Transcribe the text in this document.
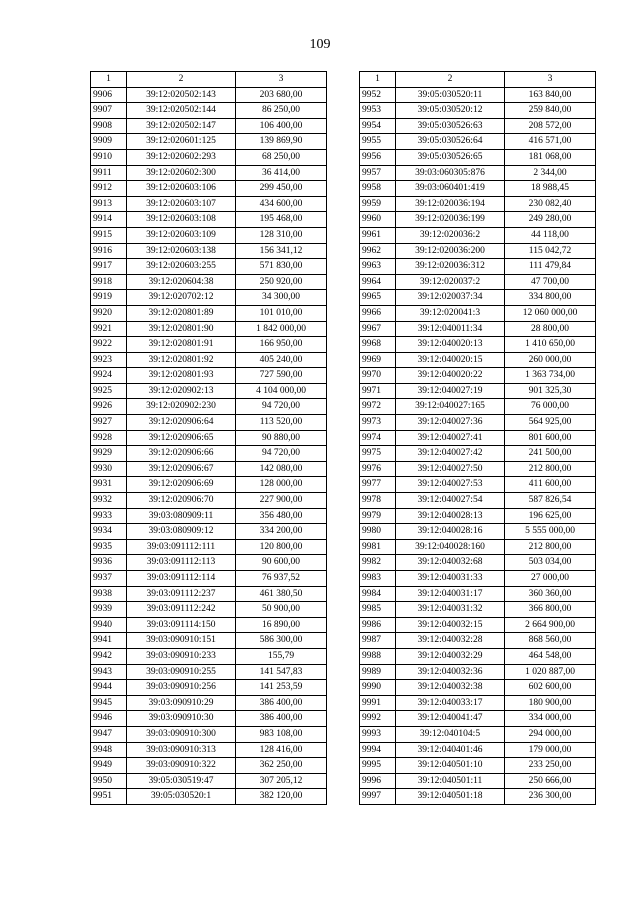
109
1	2	3
9906	39:12:020502:143	203 680,00
9907	39:12:020502:144	86 250,00
9908	39:12:020502:147	106 400,00
9909	39:12:020601:125	139 869,90
9910	39:12:020602:293	68 250,00
9911	39:12:020602:300	36 414,00
9912	39:12:020603:106	299 450,00
9913	39:12:020603:107	434 600,00
9914	39:12:020603:108	195 468,00
9915	39:12:020603:109	128 310,00
9916	39:12:020603:138	156 341,12
9917	39:12:020603:255	571 830,00
9918	39:12:020604:38	250 920,00
9919	39:12:020702:12	34 300,00
9920	39:12:020801:89	101 010,00
9921	39:12:020801:90	1 842 000,00
9922	39:12:020801:91	166 950,00
9923	39:12:020801:92	405 240,00
9924	39:12:020801:93	727 590,00
9925	39:12:020902:13	4 104 000,00
9926	39:12:020902:230	94 720,00
9927	39:12:020906:64	113 520,00
9928	39:12:020906:65	90 880,00
9929	39:12:020906:66	94 720,00
9930	39:12:020906:67	142 080,00
9931	39:12:020906:69	128 000,00
9932	39:12:020906:70	227 900,00
9933	39:03:080909:11	356 480,00
9934	39:03:080909:12	334 200,00
9935	39:03:091112:111	120 800,00
9936	39:03:091112:113	90 600,00
9937	39:03:091112:114	76 937,52
9938	39:03:091112:237	461 380,50
9939	39:03:091112:242	50 900,00
9940	39:03:091114:150	16 890,00
9941	39:03:090910:151	586 300,00
9942	39:03:090910:233	155,79
9943	39:03:090910:255	141 547,83
9944	39:03:090910:256	141 253,59
9945	39:03:090910:29	386 400,00
9946	39:03:090910:30	386 400,00
9947	39:03:090910:300	983 108,00
9948	39:03:090910:313	128 416,00
9949	39:03:090910:322	362 250,00
9950	39:05:030519:47	307 205,12
9951	39:05:030520:1	382 120,00
1	2	3
9952	39:05:030520:11	163 840,00
9953	39:05:030520:12	259 840,00
9954	39:05:030526:63	208 572,00
9955	39:05:030526:64	416 571,00
9956	39:05:030526:65	181 068,00
9957	39:03:060305:876	2 344,00
9958	39:03:060401:419	18 988,45
9959	39:12:020036:194	230 082,40
9960	39:12:020036:199	249 280,00
9961	39:12:020036:2	44 118,00
9962	39:12:020036:200	115 042,72
9963	39:12:020036:312	111 479,84
9964	39:12:020037:2	47 700,00
9965	39:12:020037:34	334 800,00
9966	39:12:020041:3	12 060 000,00
9967	39:12:040011:34	28 800,00
9968	39:12:040020:13	1 410 650,00
9969	39:12:040020:15	260 000,00
9970	39:12:040020:22	1 363 734,00
9971	39:12:040027:19	901 325,30
9972	39:12:040027:165	76 000,00
9973	39:12:040027:36	564 925,00
9974	39:12:040027:41	801 600,00
9975	39:12:040027:42	241 500,00
9976	39:12:040027:50	212 800,00
9977	39:12:040027:53	411 600,00
9978	39:12:040027:54	587 826,54
9979	39:12:040028:13	196 625,00
9980	39:12:040028:16	5 555 000,00
9981	39:12:040028:160	212 800,00
9982	39:12:040032:68	503 034,00
9983	39:12:040031:33	27 000,00
9984	39:12:040031:17	360 360,00
9985	39:12:040031:32	366 800,00
9986	39:12:040032:15	2 664 900,00
9987	39:12:040032:28	868 560,00
9988	39:12:040032:29	464 548,00
9989	39:12:040032:36	1 020 887,00
9990	39:12:040032:38	602 600,00
9991	39:12:040033:17	180 900,00
9992	39:12:040041:47	334 000,00
9993	39:12:040104:5	294 000,00
9994	39:12:040401:46	179 000,00
9995	39:12:040501:10	233 250,00
9996	39:12:040501:11	250 666,00
9997	39:12:040501:18	236 300,00
